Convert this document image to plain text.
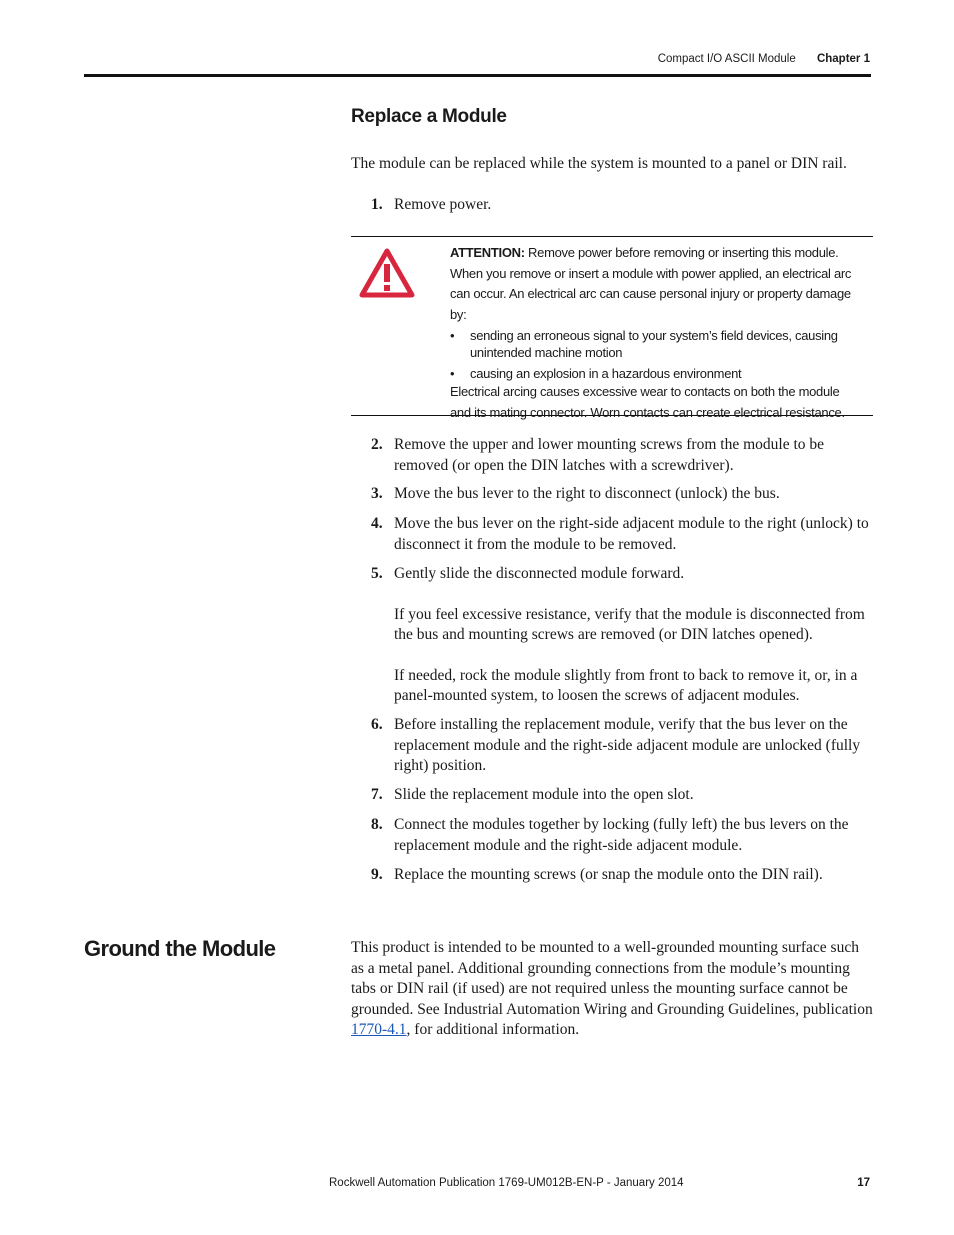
Compact I/O ASCII Module Chapter 1
Replace a Module

The module can be replaced while the system is mounted to a panel or DIN rail.

1. Remove power.
ATTENTION: Remove power before removing or inserting this module. When you remove or insert a module with power applied, an electrical arc can occur. An electrical arc can cause personal injury or property damage by:
• sending an erroneous signal to your system’s field devices, causing unintended machine motion
• causing an explosion in a hazardous environment
Electrical arcing causes excessive wear to contacts on both the module and its mating connector. Worn contacts can create electrical resistance.
2. Remove the upper and lower mounting screws from the module to be removed (or open the DIN latches with a screwdriver).
3. Move the bus lever to the right to disconnect (unlock) the bus.
4. Move the bus lever on the right-side adjacent module to the right (unlock) to disconnect it from the module to be removed.
5. Gently slide the disconnected module forward.
If you feel excessive resistance, verify that the module is disconnected from the bus and mounting screws are removed (or DIN latches opened).
If needed, rock the module slightly from front to back to remove it, or, in a panel-mounted system, to loosen the screws of adjacent modules.
6. Before installing the replacement module, verify that the bus lever on the replacement module and the right-side adjacent module are unlocked (fully right) position.
7. Slide the replacement module into the open slot.
8. Connect the modules together by locking (fully left) the bus levers on the replacement module and the right-side adjacent module.
9. Replace the mounting screws (or snap the module onto the DIN rail).
Ground the Module	This product is intended to be mounted to a well-grounded mounting surface such as a metal panel. Additional grounding connections from the module’s mounting tabs or DIN rail (if used) are not required unless the mounting surface cannot be grounded. See Industrial Automation Wiring and Grounding Guidelines, publication 1770-4.1, for additional information.

Rockwell Automation Publication 1769-UM012B-EN-P - January 2014	17
